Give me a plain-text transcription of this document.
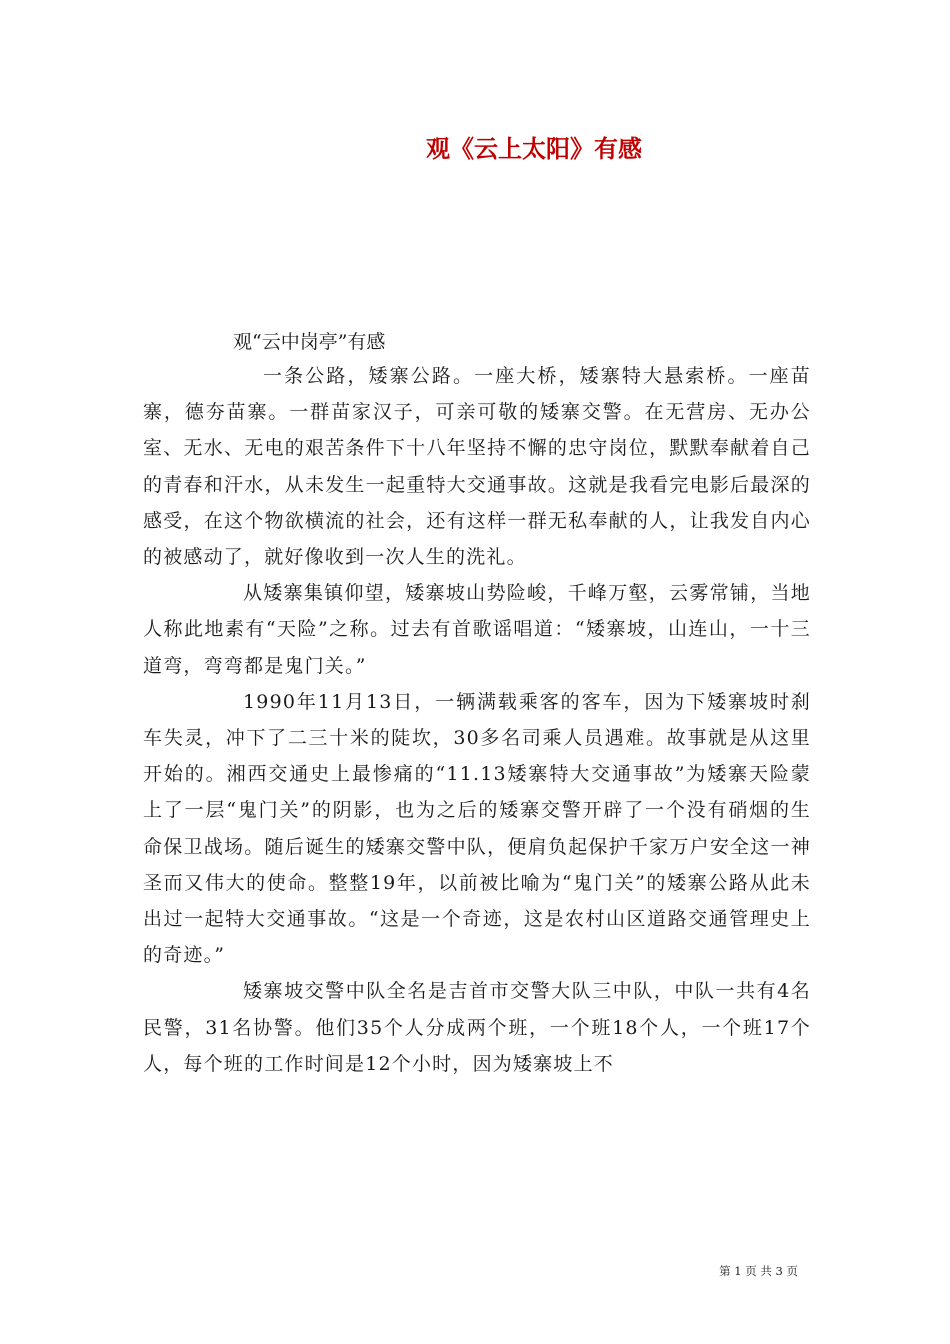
观《云上太阳》有感

观“云中岗亭”有感

一条公路，矮寨公路。一座大桥，矮寨特大悬索桥。一座苗寨，德夯苗寨。一群苗家汉子，可亲可敬的矮寨交警。在无营房、无办公室、无水、无电的艰苦条件下十八年坚持不懈的忠守岗位，默默奉献着自己的青春和汗水，从未发生一起重特大交通事故。这就是我看完电影后最深的感受，在这个物欲横流的社会，还有这样一群无私奉献的人，让我发自内心的被感动了，就好像收到一次人生的洗礼。

从矮寨集镇仰望，矮寨坡山势险峻，千峰万壑，云雾常铺，当地人称此地素有“天险”之称。过去有首歌谣唱道：“矮寨坡，山连山，一十三道弯，弯弯都是鬼门关。”

1990年11月13日，一辆满载乘客的客车，因为下矮寨坡时刹车失灵，冲下了二三十米的陡坎，30多名司乘人员遇难。故事就是从这里开始的。湘西交通史上最惨痛的“11.13矮寨特大交通事故”为矮寨天险蒙上了一层“鬼门关”的阴影，也为之后的矮寨交警开辟了一个没有硝烟的生命保卫战场。随后诞生的矮寨交警中队，便肩负起保护千家万户安全这一神圣而又伟大的使命。整整19年，以前被比喻为“鬼门关”的矮寨公路从此未出过一起特大交通事故。“这是一个奇迹，这是农村山区道路交通管理史上的奇迹。”

矮寨坡交警中队全名是吉首市交警大队三中队，中队一共有4名民警，31名协警。他们35个人分成两个班，一个班18个人，一个班17个人，每个班的工作时间是12个小时，因为矮寨坡上不

第 1 页 共 3 页
